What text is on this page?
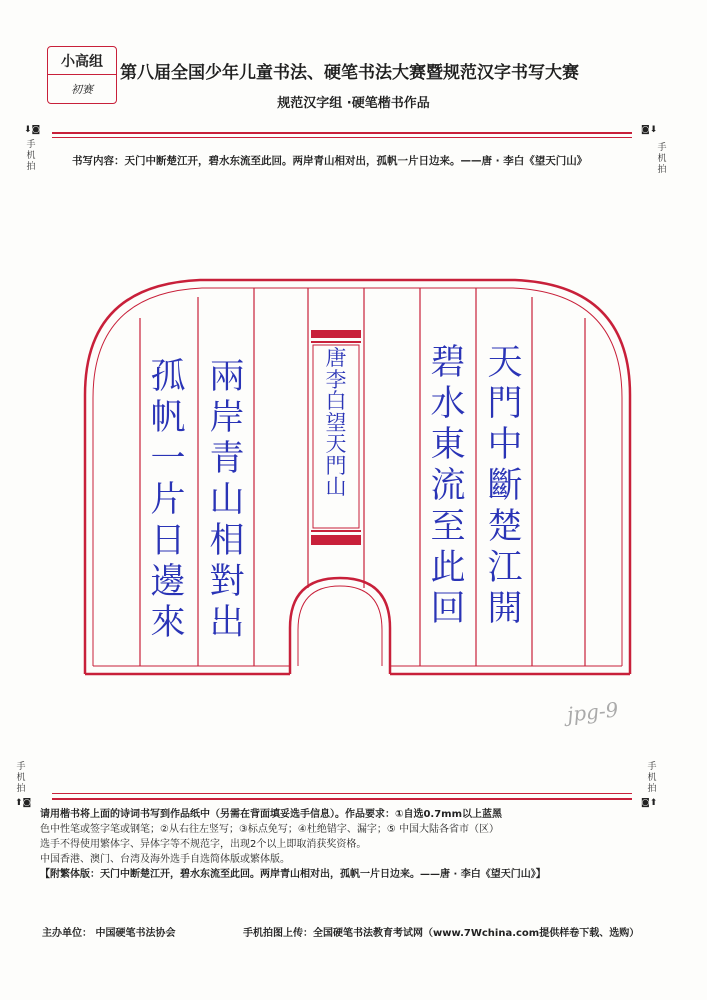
小高组
初赛
第八届全国少年儿童书法、硬笔书法大赛暨规范汉字书写大赛
规范汉字组 ·硬笔楷书作品
⬇◙
手机拍
◙⬇
手机拍
书写内容：天门中断楚江开，碧水东流至此回。两岸青山相对出，孤帆一片日边来。——唐 · 李白《望天门山》
天
門
中
斷
楚
江
開
碧
水
東
流
至
此
回
兩
岸
青
山
相
對
出
孤
帆
一
片
日
邊
來
唐
李
白
望
天
門
山
jpg-9
手机拍
⬆◙
手机拍
◙⬆
请用楷书将上面的诗词书写到作品纸中（另需在背面填妥选手信息）。作品要求：①自选0.7mm以上蓝黑
色中性笔或签字笔或钢笔；②从右往左竖写；③标点免写；④杜绝错字、漏字；⑤ 中国大陆各省市（区）
选手不得使用繁体字、异体字等不规范字，出现2个以上即取消获奖资格。
中国香港、澳门、台湾及海外选手自选简体版或繁体版。
【附繁体版：天门中断楚江开，碧水东流至此回。两岸青山相对出，孤帆一片日边来。——唐 · 李白《望天门山》】
主办单位： 中国硬笔书法协会	手机拍图上传：全国硬笔书法教育考试网（www.7Wchina.com提供样卷下载、选购）
